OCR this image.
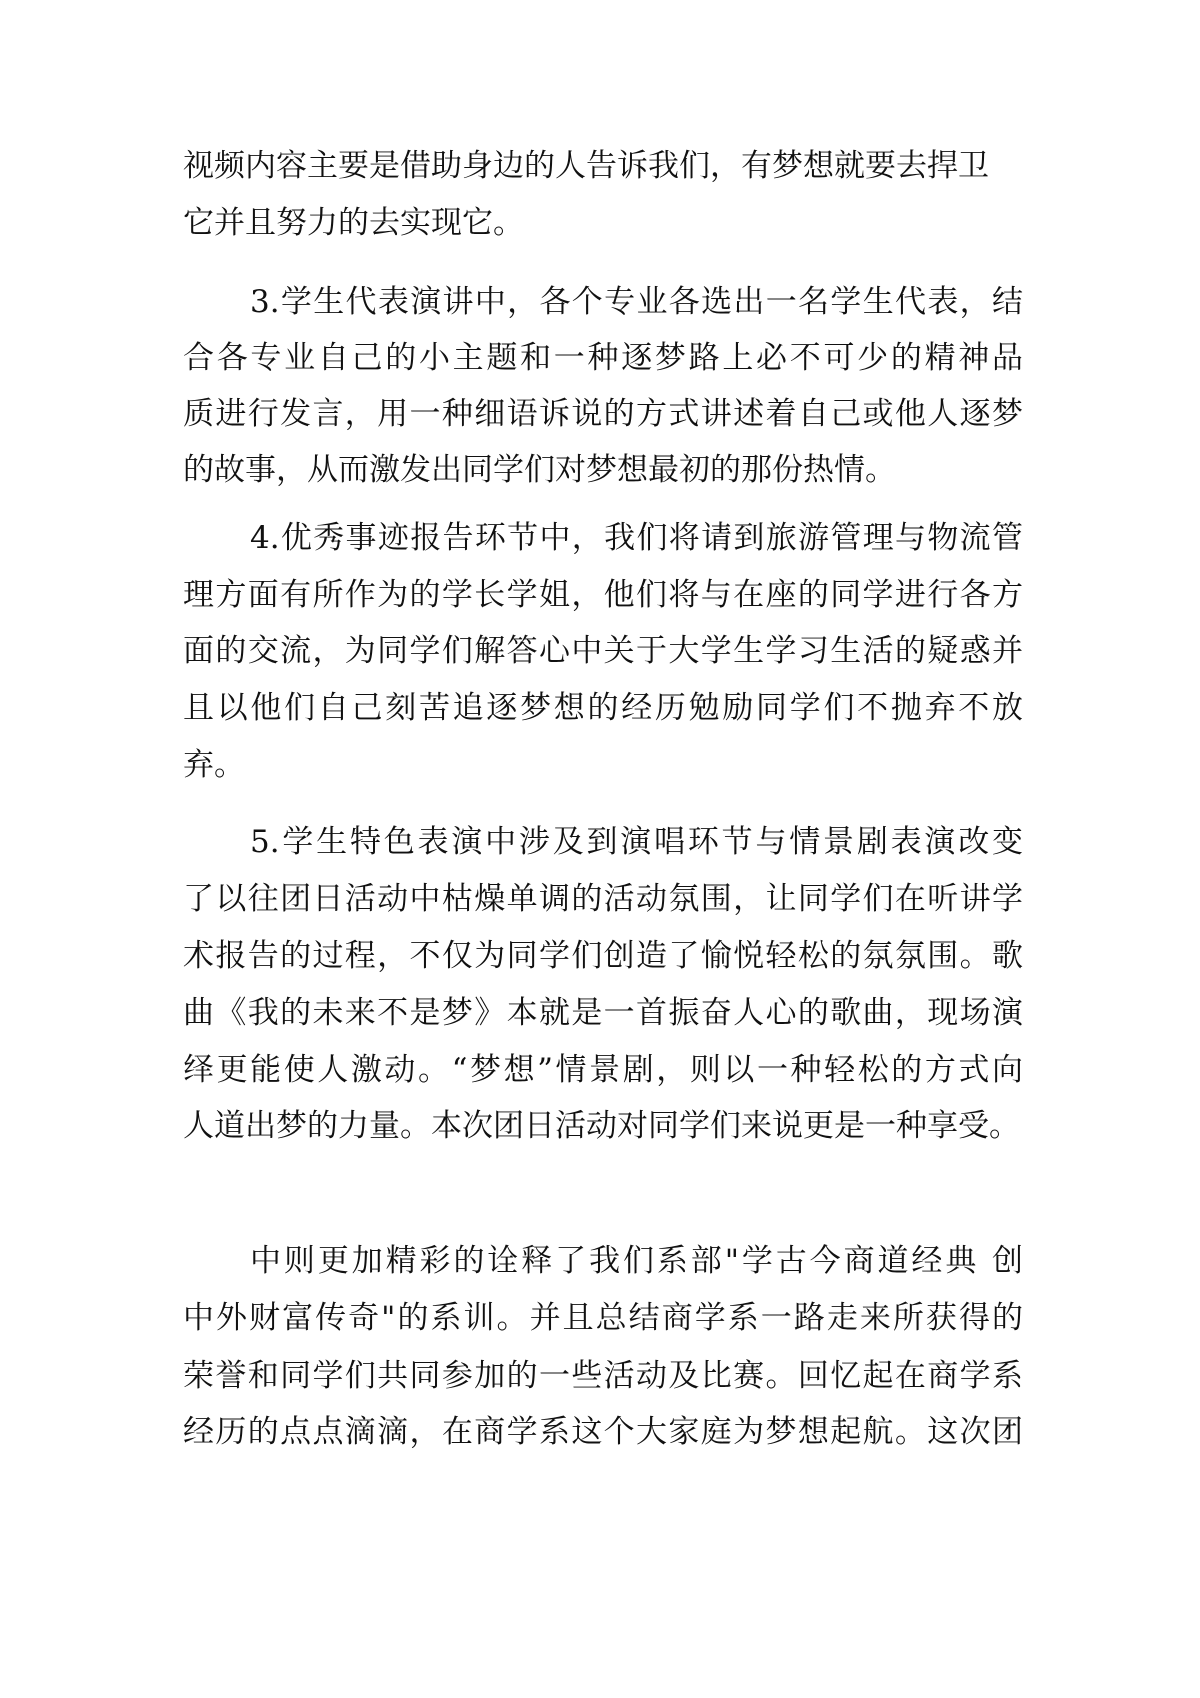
视频内容主要是借助身边的人告诉我们，有梦想就要去捍卫
它并且努力的去实现它。
3.学生代表演讲中，各个专业各选出一名学生代表，结
合各专业自己的小主题和一种逐梦路上必不可少的精神品
质进行发言，用一种细语诉说的方式讲述着自己或他人逐梦
的故事，从而激发出同学们对梦想最初的那份热情。
4.优秀事迹报告环节中，我们将请到旅游管理与物流管
理方面有所作为的学长学姐，他们将与在座的同学进行各方
面的交流，为同学们解答心中关于大学生学习生活的疑惑并
且以他们自己刻苦追逐梦想的经历勉励同学们不抛弃不放
弃。
5.学生特色表演中涉及到演唱环节与情景剧表演改变
了以往团日活动中枯燥单调的活动氛围，让同学们在听讲学
术报告的过程，不仅为同学们创造了愉悦轻松的氛氛围。歌
曲《我的未来不是梦》本就是一首振奋人心的歌曲，现场演
绎更能使人激动。“梦想”情景剧，则以一种轻松的方式向
人道出梦的力量。本次团日活动对同学们来说更是一种享受。
中则更加精彩的诠释了我们系部"学古今商道经典 创
中外财富传奇"的系训。并且总结商学系一路走来所获得的
荣誉和同学们共同参加的一些活动及比赛。回忆起在商学系
经历的点点滴滴，在商学系这个大家庭为梦想起航。这次团
